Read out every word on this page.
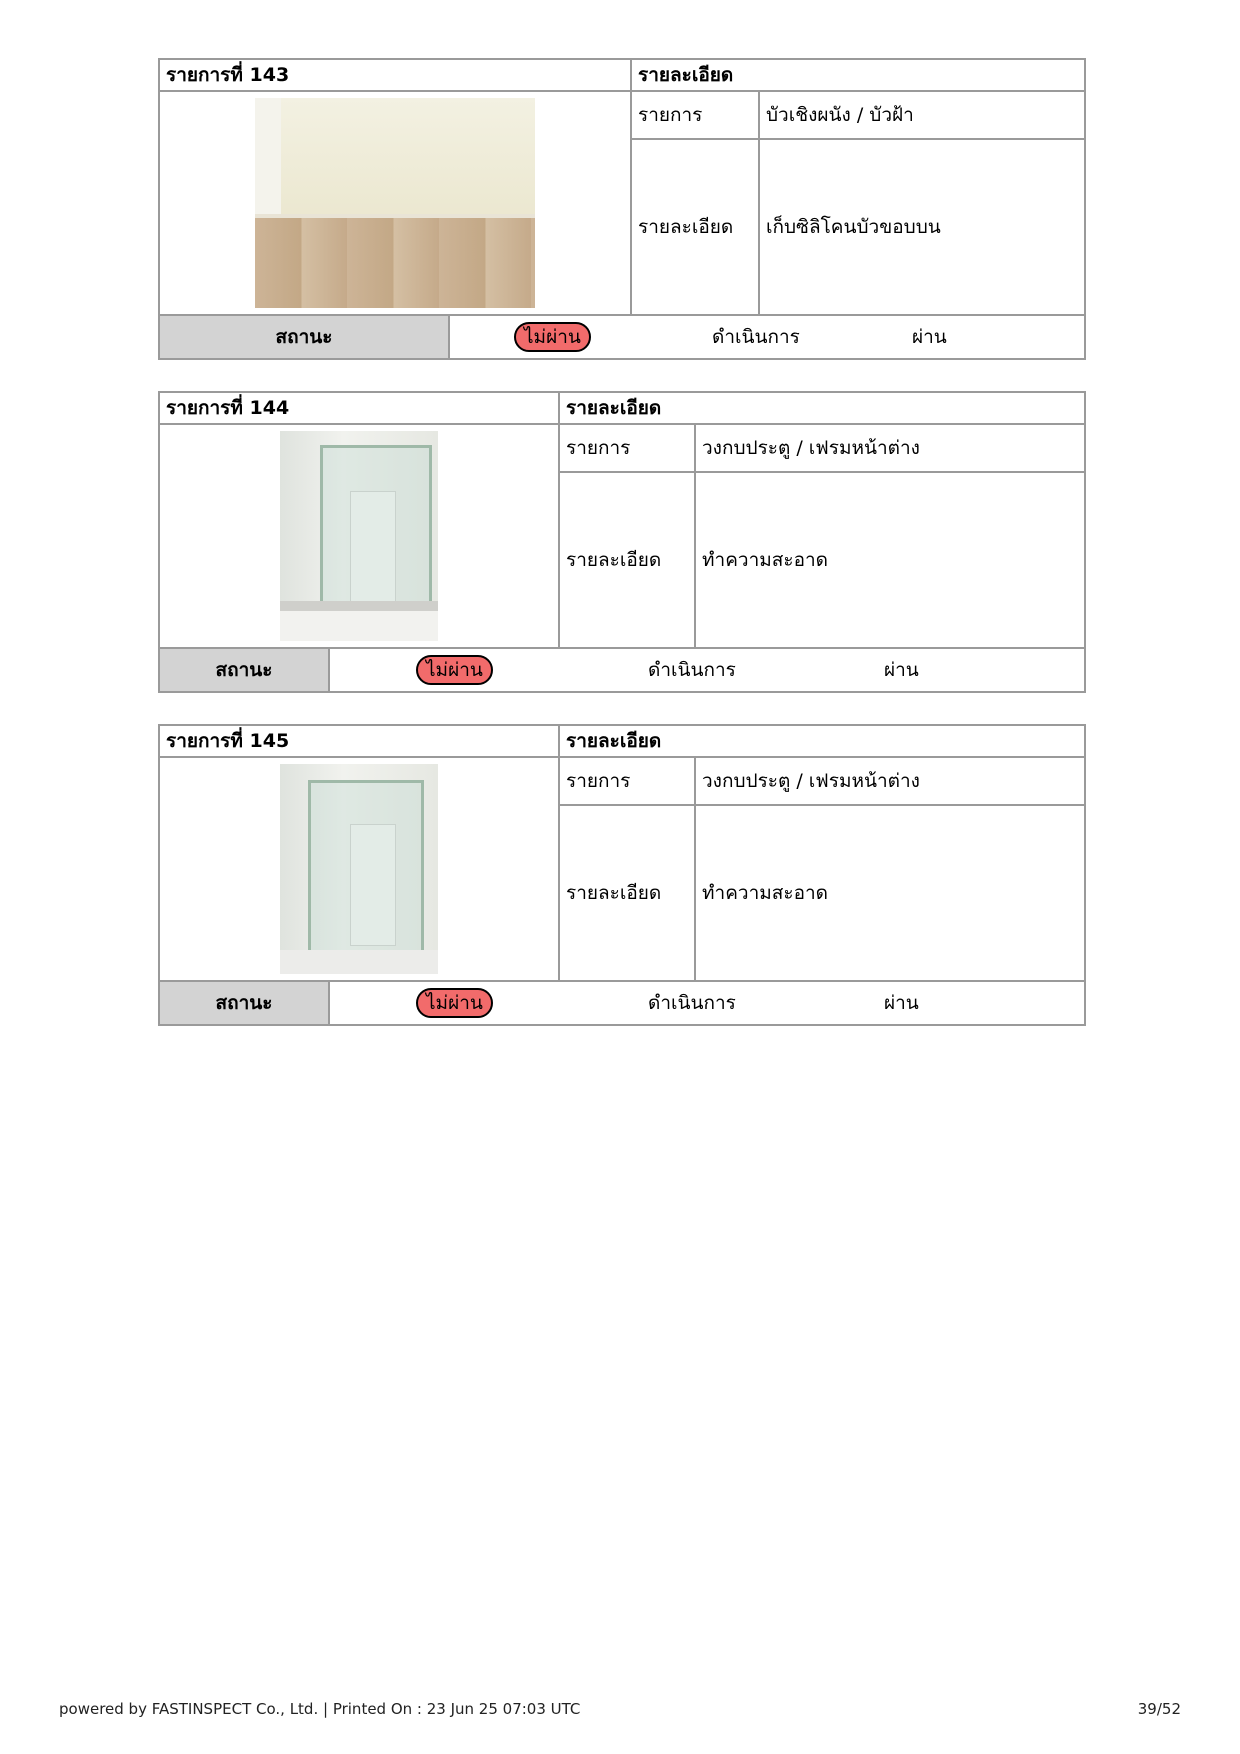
รายการที่ 143	รายละเอียด	

	รายการ	บัวเชิงผนัง / บัวฝ้า
	รายละเอียด	เก็บซิลิโคนบัวขอบบน
สถานะ	ไม่ผ่าน	ดำเนินการ	ผ่าน
รายการที่ 144	รายละเอียด	

	รายการ	วงกบประตู / เฟรมหน้าต่าง
	รายละเอียด	ทำความสะอาด
สถานะ	ไม่ผ่าน	ดำเนินการ	ผ่าน
รายการที่ 145	รายละเอียด	

	รายการ	วงกบประตู / เฟรมหน้าต่าง
	รายละเอียด	ทำความสะอาด
สถานะ	ไม่ผ่าน	ดำเนินการ	ผ่าน
powered by FASTINSPECT Co., Ltd. | Printed On : 23 Jun 25 07:03 UTC	39/52
